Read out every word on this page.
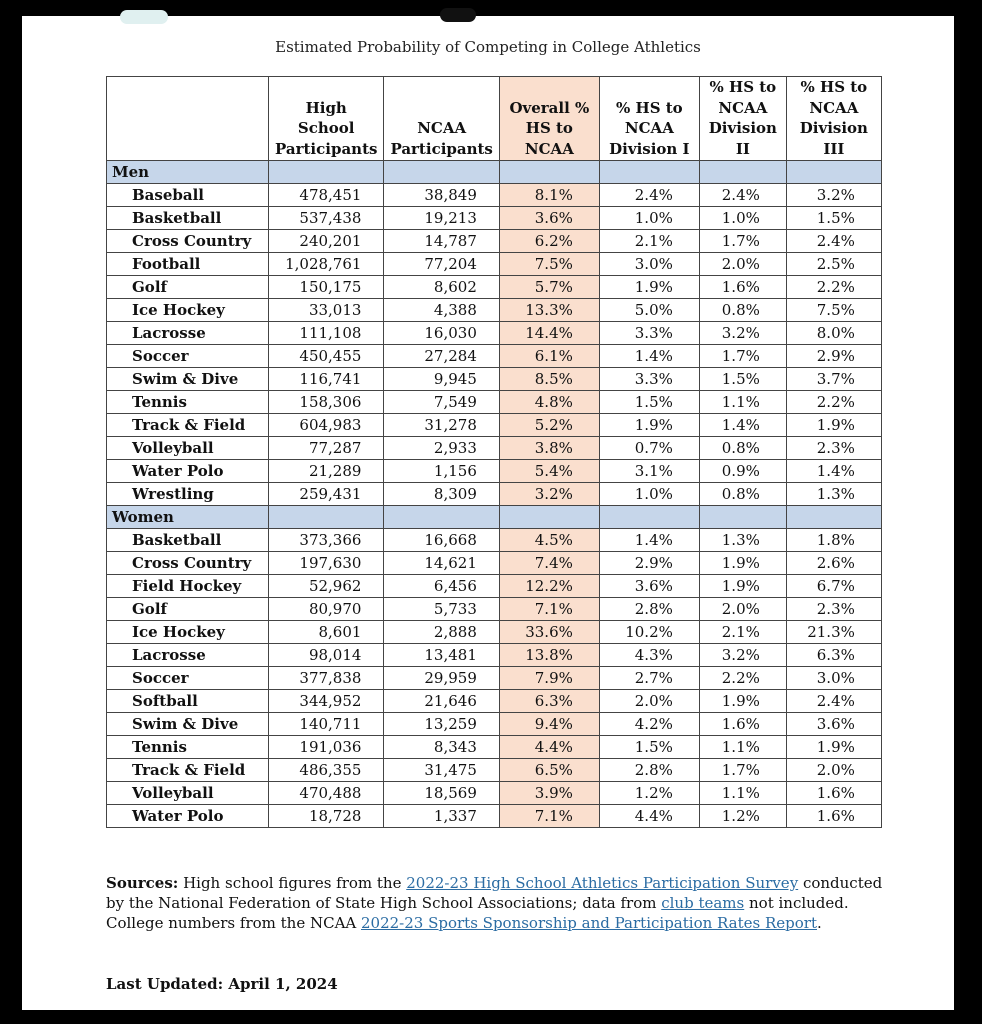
Estimated Probability of Competing in College Athletics
	High School Participants	NCAA Participants	Overall % HS to NCAA	% HS to NCAA Division I	% HS to NCAA Division II	% HS to NCAA Division III
Men						
Baseball	478,451	38,849	8.1%	2.4%	2.4%	3.2%
Basketball	537,438	19,213	3.6%	1.0%	1.0%	1.5%
Cross Country	240,201	14,787	6.2%	2.1%	1.7%	2.4%
Football	1,028,761	77,204	7.5%	3.0%	2.0%	2.5%
Golf	150,175	8,602	5.7%	1.9%	1.6%	2.2%
Ice Hockey	33,013	4,388	13.3%	5.0%	0.8%	7.5%
Lacrosse	111,108	16,030	14.4%	3.3%	3.2%	8.0%
Soccer	450,455	27,284	6.1%	1.4%	1.7%	2.9%
Swim & Dive	116,741	9,945	8.5%	3.3%	1.5%	3.7%
Tennis	158,306	7,549	4.8%	1.5%	1.1%	2.2%
Track & Field	604,983	31,278	5.2%	1.9%	1.4%	1.9%
Volleyball	77,287	2,933	3.8%	0.7%	0.8%	2.3%
Water Polo	21,289	1,156	5.4%	3.1%	0.9%	1.4%
Wrestling	259,431	8,309	3.2%	1.0%	0.8%	1.3%
Women						
Basketball	373,366	16,668	4.5%	1.4%	1.3%	1.8%
Cross Country	197,630	14,621	7.4%	2.9%	1.9%	2.6%
Field Hockey	52,962	6,456	12.2%	3.6%	1.9%	6.7%
Golf	80,970	5,733	7.1%	2.8%	2.0%	2.3%
Ice Hockey	8,601	2,888	33.6%	10.2%	2.1%	21.3%
Lacrosse	98,014	13,481	13.8%	4.3%	3.2%	6.3%
Soccer	377,838	29,959	7.9%	2.7%	2.2%	3.0%
Softball	344,952	21,646	6.3%	2.0%	1.9%	2.4%
Swim & Dive	140,711	13,259	9.4%	4.2%	1.6%	3.6%
Tennis	191,036	8,343	4.4%	1.5%	1.1%	1.9%
Track & Field	486,355	31,475	6.5%	2.8%	1.7%	2.0%
Volleyball	470,488	18,569	3.9%	1.2%	1.1%	1.6%
Water Polo	18,728	1,337	7.1%	4.4%	1.2%	1.6%
Sources: High school figures from the 2022-23 High School Athletics Participation Survey conducted by the National Federation of State High School Associations; data from club teams not included. College numbers from the NCAA 2022-23 Sports Sponsorship and Participation Rates Report.
Last Updated: April 1, 2024
